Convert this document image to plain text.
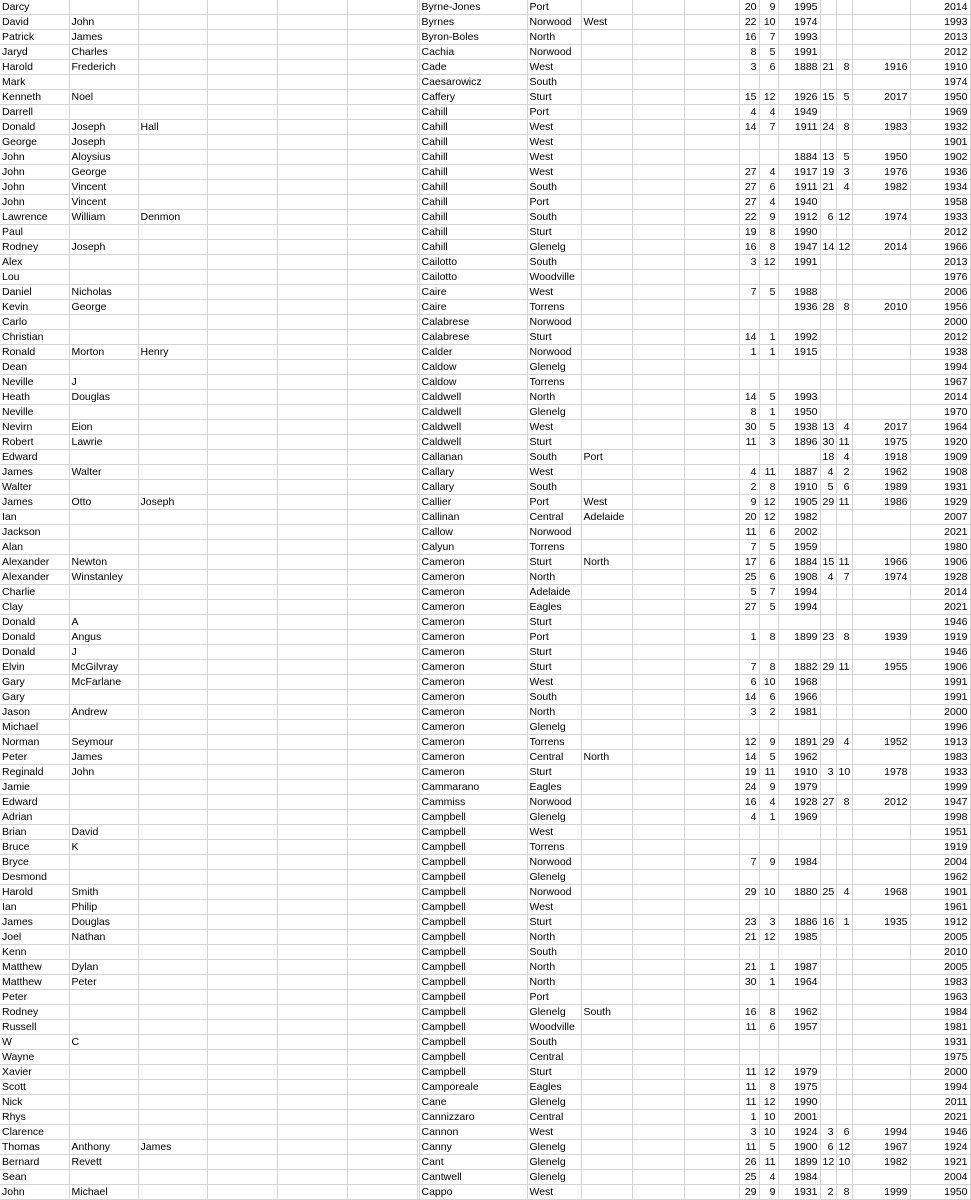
Darcy							Byrne-Jones	Port				20	9	1995				2014
David	John						Byrnes	Norwood	West			22	10	1974				1993
Patrick	James						Byron-Boles	North				16	7	1993				2013
Jaryd	Charles						Cachia	Norwood				8	5	1991				2012
Harold	Frederich						Cade	West				3	6	1888	21	8	1916	1910
Mark							Caesarowicz	South										1974
Kenneth	Noel						Caffery	Sturt				15	12	1926	15	5	2017	1950
Darrell							Cahill	Port				4	4	1949				1969
Donald	Joseph	Hall					Cahill	West				14	7	1911	24	8	1983	1932
George	Joseph						Cahill	West										1901
John	Aloysius						Cahill	West						1884	13	5	1950	1902
John	George						Cahill	West				27	4	1917	19	3	1976	1936
John	Vincent						Cahill	South				27	6	1911	21	4	1982	1934
John	Vincent						Cahill	Port				27	4	1940				1958
Lawrence	William	Denmon					Cahill	South				22	9	1912	6	12	1974	1933
Paul							Cahill	Sturt				19	8	1990				2012
Rodney	Joseph						Cahill	Glenelg				16	8	1947	14	12	2014	1966
Alex							Cailotto	South				3	12	1991				2013
Lou							Cailotto	Woodville										1976
Daniel	Nicholas						Caire	West				7	5	1988				2006
Kevin	George						Caire	Torrens						1936	28	8	2010	1956
Carlo							Calabrese	Norwood										2000
Christian							Calabrese	Sturt				14	1	1992				2012
Ronald	Morton	Henry					Calder	Norwood				1	1	1915				1938
Dean							Caldow	Glenelg										1994
Neville	J						Caldow	Torrens										1967
Heath	Douglas						Caldwell	North				14	5	1993				2014
Neville							Caldwell	Glenelg				8	1	1950				1970
Nevirn	Eion						Caldwell	West				30	5	1938	13	4	2017	1964
Robert	Lawrie						Caldwell	Sturt				11	3	1896	30	11	1975	1920
Edward							Callanan	South	Port						18	4	1918	1909
James	Walter						Callary	West				4	11	1887	4	2	1962	1908
Walter							Callary	South				2	8	1910	5	6	1989	1931
James	Otto	Joseph					Callier	Port	West			9	12	1905	29	11	1986	1929
Ian							Callinan	Central	Adelaide			20	12	1982				2007
Jackson							Callow	Norwood				11	6	2002				2021
Alan							Calyun	Torrens				7	5	1959				1980
Alexander	Newton						Cameron	Sturt	North			17	6	1884	15	11	1966	1906
Alexander	Winstanley						Cameron	North				25	6	1908	4	7	1974	1928
Charlie							Cameron	Adelaide				5	7	1994				2014
Clay							Cameron	Eagles				27	5	1994				2021
Donald	A						Cameron	Sturt										1946
Donald	Angus						Cameron	Port				1	8	1899	23	8	1939	1919
Donald	J						Cameron	Sturt										1946
Elvin	McGilvray						Cameron	Sturt				7	8	1882	29	11	1955	1906
Gary	McFarlane						Cameron	West				6	10	1968				1991
Gary							Cameron	South				14	6	1966				1991
Jason	Andrew						Cameron	North				3	2	1981				2000
Michael							Cameron	Glenelg										1996
Norman	Seymour						Cameron	Torrens				12	9	1891	29	4	1952	1913
Peter	James						Cameron	Central	North			14	5	1962				1983
Reginald	John						Cameron	Sturt				19	11	1910	3	10	1978	1933
Jamie							Cammarano	Eagles				24	9	1979				1999
Edward							Cammiss	Norwood				16	4	1928	27	8	2012	1947
Adrian							Campbell	Glenelg				4	1	1969				1998
Brian	David						Campbell	West										1951
Bruce	K						Campbell	Torrens										1919
Bryce							Campbell	Norwood				7	9	1984				2004
Desmond							Campbell	Glenelg										1962
Harold	Smith						Campbell	Norwood				29	10	1880	25	4	1968	1901
Ian	Philip						Campbell	West										1961
James	Douglas						Campbell	Sturt				23	3	1886	16	1	1935	1912
Joel	Nathan						Campbell	North				21	12	1985				2005
Kenn							Campbell	South										2010
Matthew	Dylan						Campbell	North				21	1	1987				2005
Matthew	Peter						Campbell	North				30	1	1964				1983
Peter							Campbell	Port										1963
Rodney							Campbell	Glenelg	South			16	8	1962				1984
Russell							Campbell	Woodville				11	6	1957				1981
W	C						Campbell	South										1931
Wayne							Campbell	Central										1975
Xavier							Campbell	Sturt				11	12	1979				2000
Scott							Camporeale	Eagles				11	8	1975				1994
Nick							Cane	Glenelg				11	12	1990				2011
Rhys							Cannizzaro	Central				1	10	2001				2021
Clarence							Cannon	West				3	10	1924	3	6	1994	1946
Thomas	Anthony	James					Canny	Glenelg				11	5	1900	6	12	1967	1924
Bernard	Revett						Cant	Glenelg				26	11	1899	12	10	1982	1921
Sean							Cantwell	Glenelg				25	4	1984				2004
John	Michael						Cappo	West				29	9	1931	2	8	1999	1950
